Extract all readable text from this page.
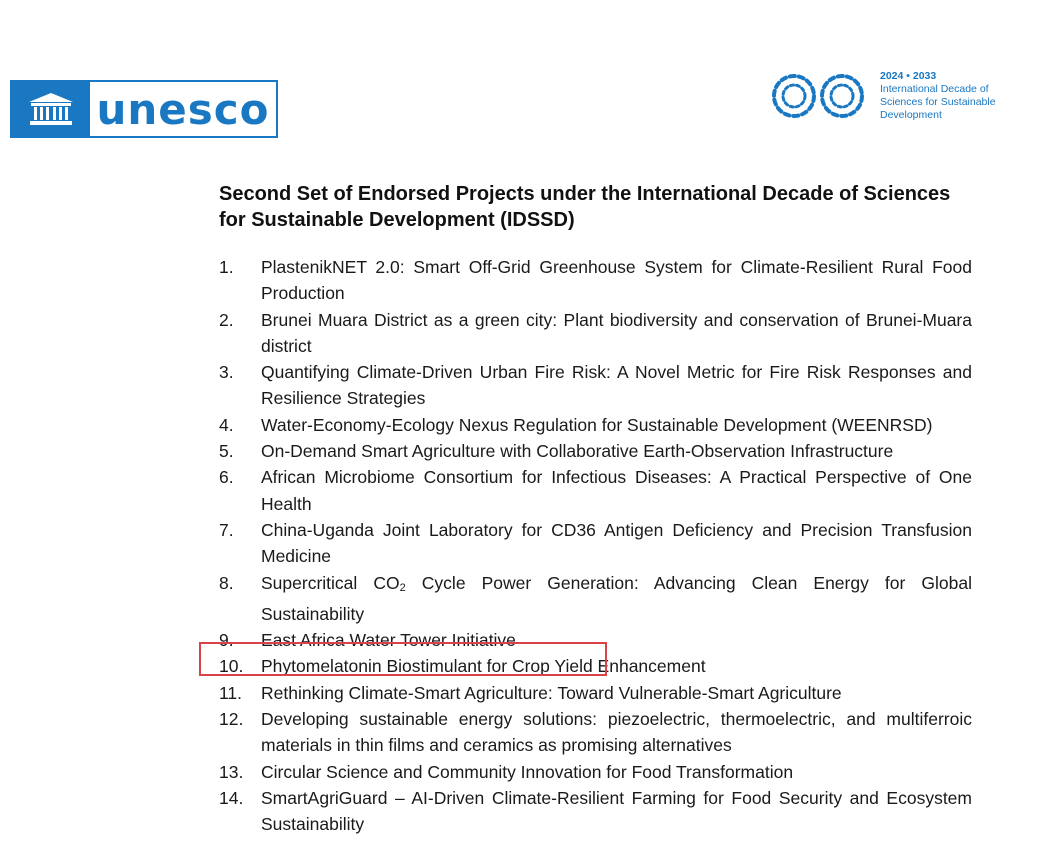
unesco
2024 • 2033
International Decade of
Sciences for Sustainable
Development
Second Set of Endorsed Projects under the International Decade of Sciences for Sustainable Development (IDSSD)
1.	PlastenikNET 2.0: Smart Off-Grid Greenhouse System for Climate-Resilient Rural Food Production
2.	Brunei Muara District as a green city: Plant biodiversity and conservation of Brunei-Muara district
3.	Quantifying Climate-Driven Urban Fire Risk: A Novel Metric for Fire Risk Responses and Resilience Strategies
4.	Water-Economy-Ecology Nexus Regulation for Sustainable Development (WEENRSD)
5.	On-Demand Smart Agriculture with Collaborative Earth-Observation Infrastructure
6.	African Microbiome Consortium for Infectious Diseases: A Practical Perspective of One Health
7.	China-Uganda Joint Laboratory for CD36 Antigen Deficiency and Precision Transfusion Medicine
8.	Supercritical $CO_2$ Cycle Power Generation: Advancing Clean Energy for Global Sustainability
9.	East Africa Water Tower Initiative
10.	Phytomelatonin Biostimulant for Crop Yield Enhancement
11.	Rethinking Climate-Smart Agriculture: Toward Vulnerable-Smart Agriculture
12.	Developing sustainable energy solutions: piezoelectric, thermoelectric, and multiferroic materials in thin films and ceramics as promising alternatives
13.	Circular Science and Community Innovation for Food Transformation
14.	SmartAgriGuard – AI-Driven Climate-Resilient Farming for Food Security and Ecosystem Sustainability
